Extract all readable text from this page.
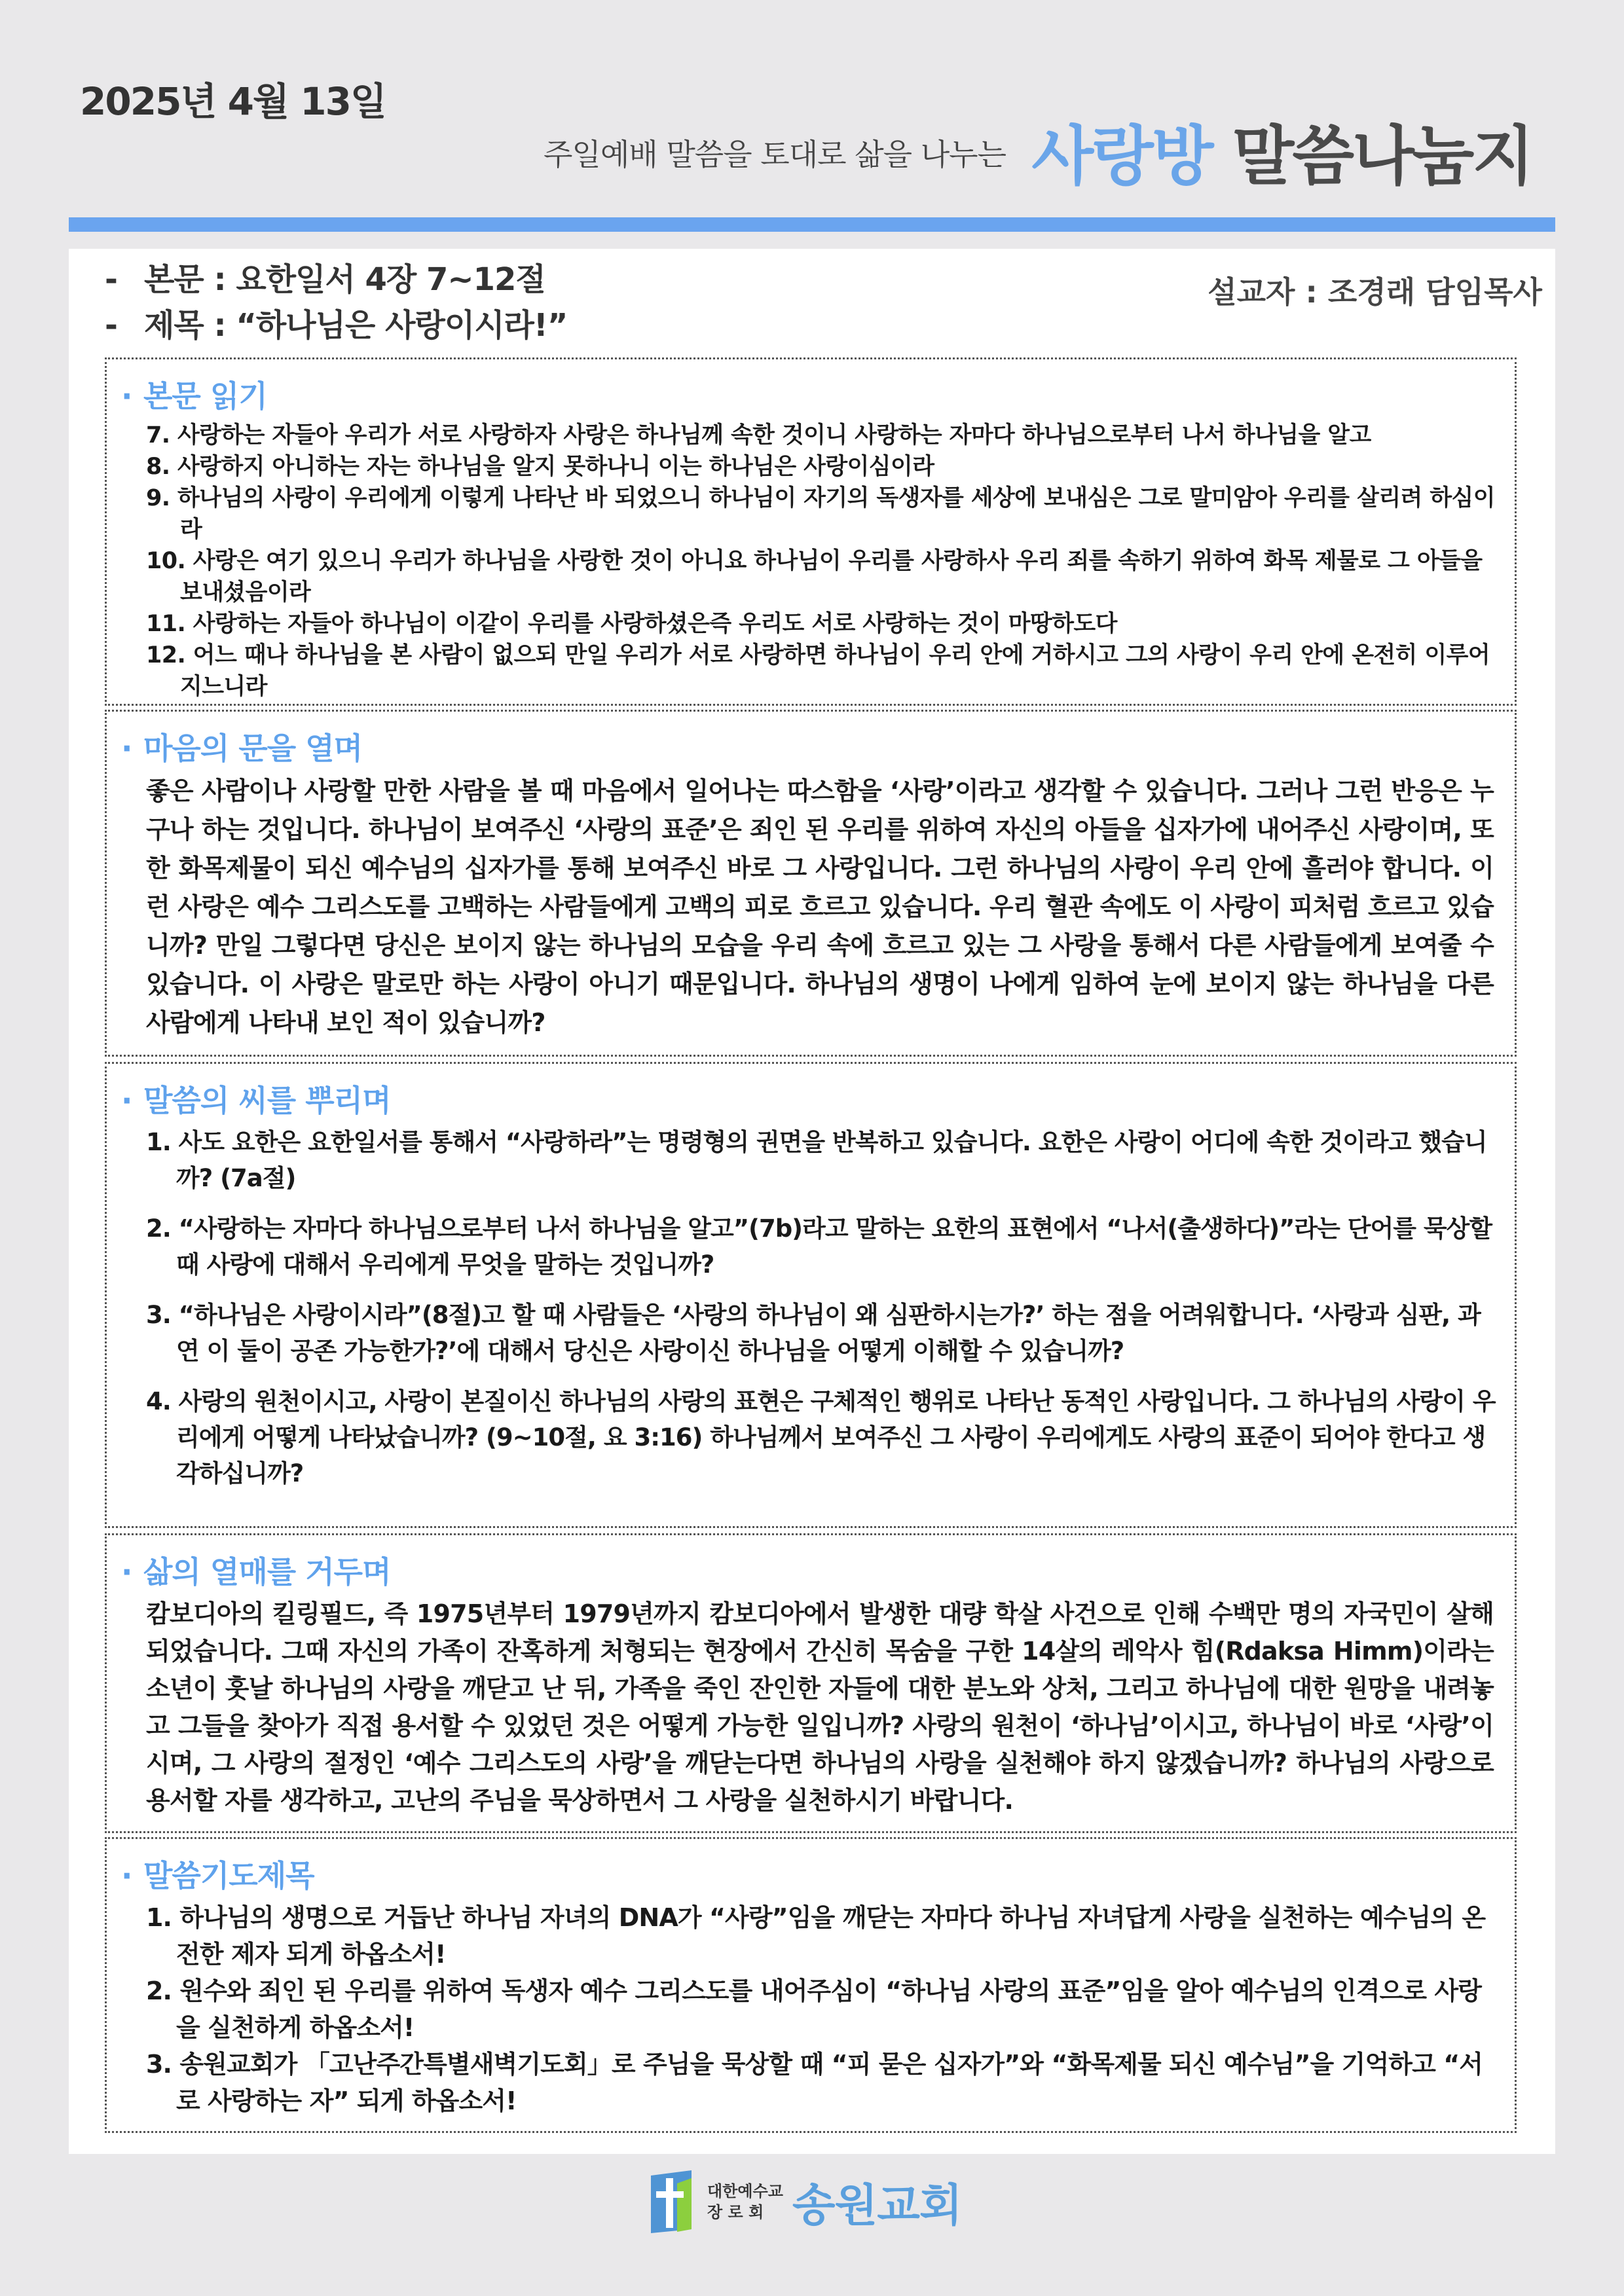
2025년 4월 13일
주일예배 말씀을 토대로 삶을 나누는 사랑방 말씀나눔지
- 본문 : 요한일서 4장 7~12절
- 제목 : “하나님은 사랑이시라!”
설교자 : 조경래 담임목사
· 본문 읽기
7. 사랑하는 자들아 우리가 서로 사랑하자 사랑은 하나님께 속한 것이니 사랑하는 자마다 하나님으로부터 나서 하나님을 알고
8. 사랑하지 아니하는 자는 하나님을 알지 못하나니 이는 하나님은 사랑이심이라
9. 하나님의 사랑이 우리에게 이렇게 나타난 바 되었으니 하나님이 자기의 독생자를 세상에 보내심은 그로 말미암아 우리를 살리려 하심이라
10. 사랑은 여기 있으니 우리가 하나님을 사랑한 것이 아니요 하나님이 우리를 사랑하사 우리 죄를 속하기 위하여 화목 제물로 그 아들을 보내셨음이라
11. 사랑하는 자들아 하나님이 이같이 우리를 사랑하셨은즉 우리도 서로 사랑하는 것이 마땅하도다
12. 어느 때나 하나님을 본 사람이 없으되 만일 우리가 서로 사랑하면 하나님이 우리 안에 거하시고 그의 사랑이 우리 안에 온전히 이루어지느니라
· 마음의 문을 열며

좋은 사람이나 사랑할 만한 사람을 볼 때 마음에서 일어나는 따스함을 ‘사랑’이라고 생각할 수 있습니다. 그러나 그런 반응은 누구나 하는 것입니다. 하나님이 보여주신 ‘사랑의 표준’은 죄인 된 우리를 위하여 자신의 아들을 십자가에 내어주신 사랑이며, 또한 화목제물이 되신 예수님의 십자가를 통해 보여주신 바로 그 사랑입니다. 그런 하나님의 사랑이 우리 안에 흘러야 합니다. 이런 사랑은 예수 그리스도를 고백하는 사람들에게 고백의 피로 흐르고 있습니다. 우리 혈관 속에도 이 사랑이 피처럼 흐르고 있습니까? 만일 그렇다면 당신은 보이지 않는 하나님의 모습을 우리 속에 흐르고 있는 그 사랑을 통해서 다른 사람들에게 보여줄 수 있습니다. 이 사랑은 말로만 하는 사랑이 아니기 때문입니다. 하나님의 생명이 나에게 임하여 눈에 보이지 않는 하나님을 다른 사람에게 나타내 보인 적이 있습니까?

· 말씀의 씨를 뿌리며
1. 사도 요한은 요한일서를 통해서 “사랑하라”는 명령형의 권면을 반복하고 있습니다. 요한은 사랑이 어디에 속한 것이라고 했습니까? (7a절)
2. “사랑하는 자마다 하나님으로부터 나서 하나님을 알고”(7b)라고 말하는 요한의 표현에서 “나서(출생하다)”라는 단어를 묵상할 때 사랑에 대해서 우리에게 무엇을 말하는 것입니까?
3. “하나님은 사랑이시라”(8절)고 할 때 사람들은 ‘사랑의 하나님이 왜 심판하시는가?’ 하는 점을 어려워합니다. ‘사랑과 심판, 과연 이 둘이 공존 가능한가?’에 대해서 당신은 사랑이신 하나님을 어떻게 이해할 수 있습니까?
4. 사랑의 원천이시고, 사랑이 본질이신 하나님의 사랑의 표현은 구체적인 행위로 나타난 동적인 사랑입니다. 그 하나님의 사랑이 우리에게 어떻게 나타났습니까? (9~10절, 요 3:16) 하나님께서 보여주신 그 사랑이 우리에게도 사랑의 표준이 되어야 한다고 생각하십니까?
· 삶의 열매를 거두며

캄보디아의 킬링필드, 즉 1975년부터 1979년까지 캄보디아에서 발생한 대량 학살 사건으로 인해 수백만 명의 자국민이 살해되었습니다. 그때 자신의 가족이 잔혹하게 처형되는 현장에서 간신히 목숨을 구한 14살의 레악사 힘(Rdaksa Himm)이라는 소년이 훗날 하나님의 사랑을 깨닫고 난 뒤, 가족을 죽인 잔인한 자들에 대한 분노와 상처, 그리고 하나님에 대한 원망을 내려놓고 그들을 찾아가 직접 용서할 수 있었던 것은 어떻게 가능한 일입니까? 사랑의 원천이 ‘하나님’이시고, 하나님이 바로 ‘사랑’이시며, 그 사랑의 절정인 ‘예수 그리스도의 사랑’을 깨닫는다면 하나님의 사랑을 실천해야 하지 않겠습니까? 하나님의 사랑으로 용서할 자를 생각하고, 고난의 주님을 묵상하면서 그 사랑을 실천하시기 바랍니다.

· 말씀기도제목
1. 하나님의 생명으로 거듭난 하나님 자녀의 DNA가 “사랑”임을 깨닫는 자마다 하나님 자녀답게 사랑을 실천하는 예수님의 온전한 제자 되게 하옵소서!
2. 원수와 죄인 된 우리를 위하여 독생자 예수 그리스도를 내어주심이 “하나님 사랑의 표준”임을 알아 예수님의 인격으로 사랑을 실천하게 하옵소서!
3. 송원교회가 「고난주간특별새벽기도회」로 주님을 묵상할 때 “피 묻은 십자가”와 “화목제물 되신 예수님”을 기억하고 “서로 사랑하는 자” 되게 하옵소서!
대한예수교
장 로 회 송원교회
